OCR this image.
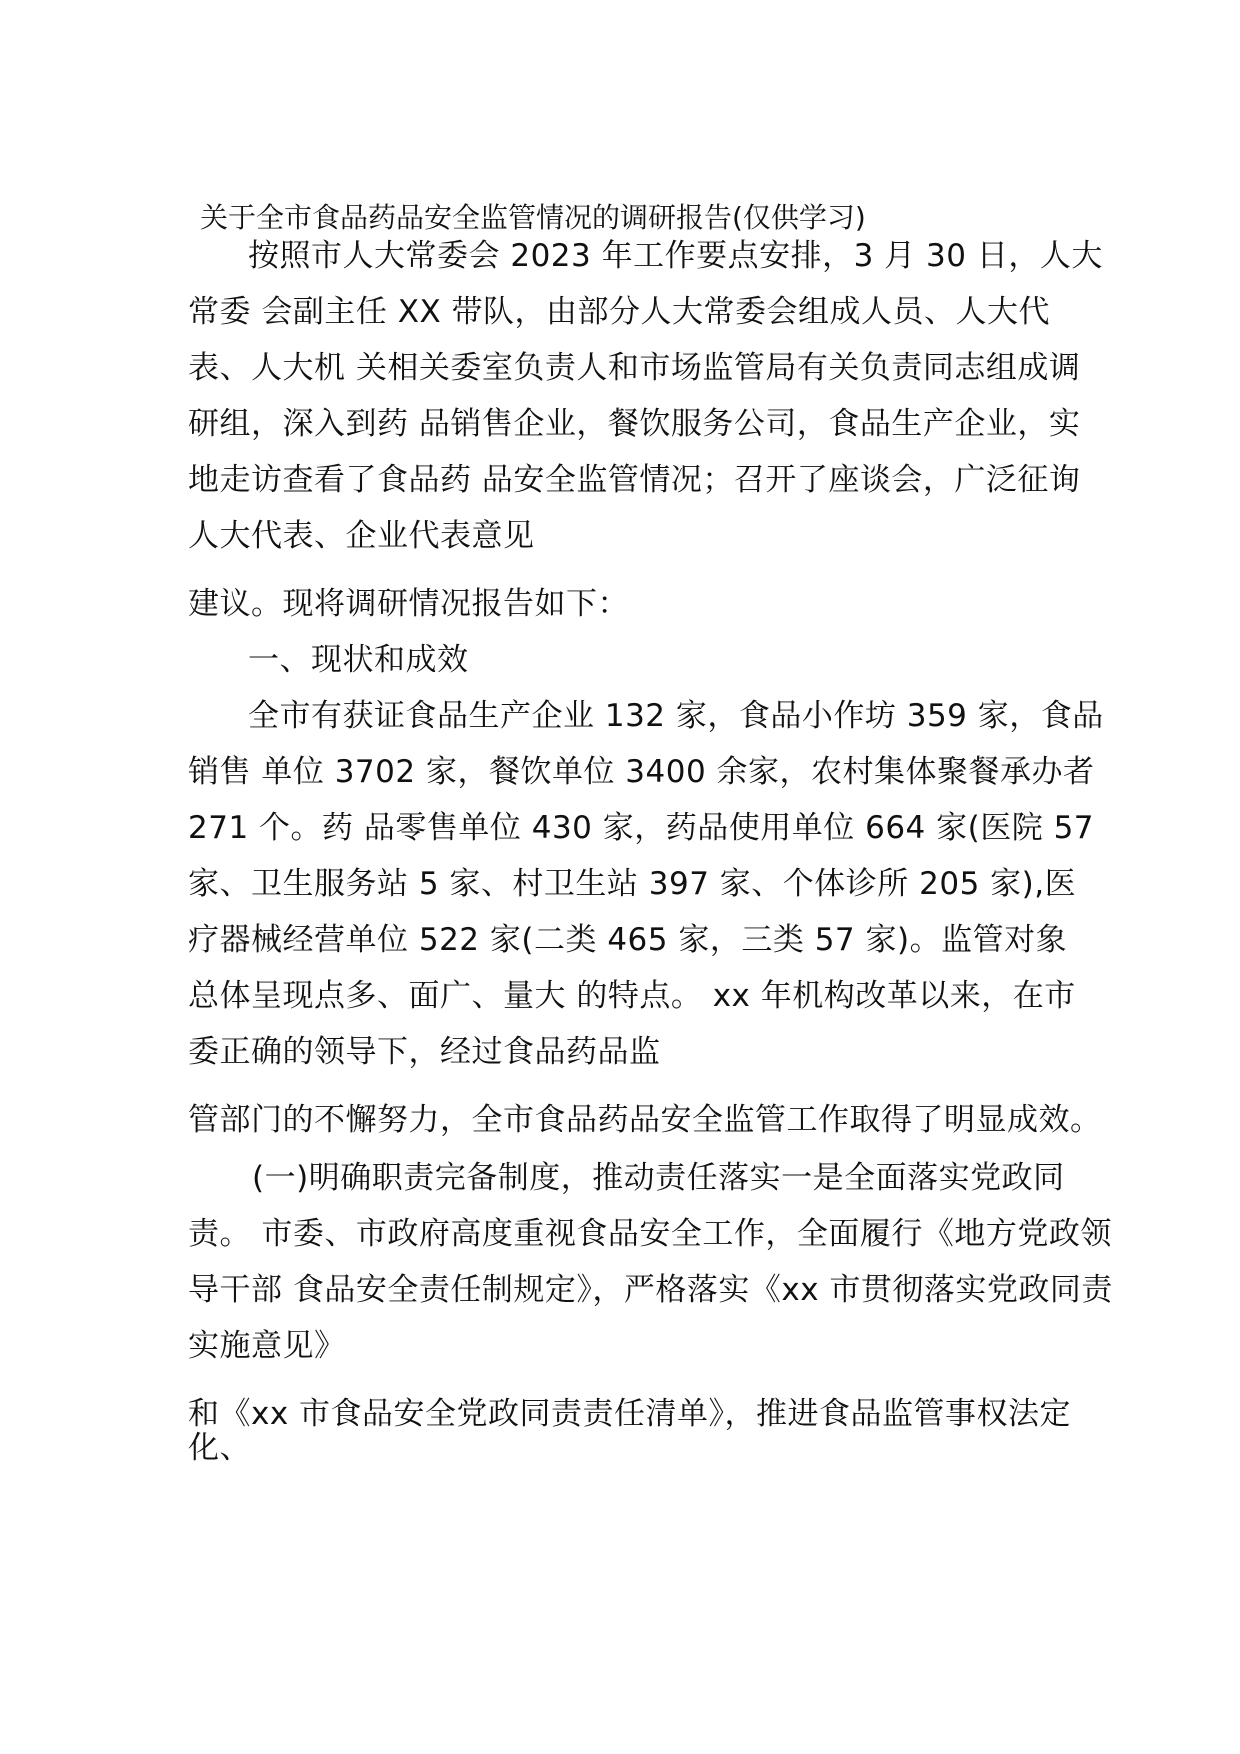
关于全市食品药品安全监管情况的调研报告(仅供学习)
按照市人大常委会 2023 年工作要点安排，3 月 30 日，人大
常委 会副主任 XX 带队，由部分人大常委会组成人员、人大代
表、人大机 关相关委室负责人和市场监管局有关负责同志组成调
研组，深入到药 品销售企业，餐饮服务公司，食品生产企业，实
地走访查看了食品药 品安全监管情况；召开了座谈会，广泛征询
人大代表、企业代表意见
建议。现将调研情况报告如下：
一、现状和成效
全市有获证食品生产企业 132 家，食品小作坊 359 家，食品
销售 单位 3702 家，餐饮单位 3400 余家，农村集体聚餐承办者
271 个。药 品零售单位 430 家，药品使用单位 664 家(医院 57
家、卫生服务站 5 家、村卫生站 397 家、个体诊所 205 家),医
疗器械经营单位 522 家(二类 465 家，三类 57 家)。监管对象
总体呈现点多、面广、量大 的特点。 xx 年机构改革以来，在市
委正确的领导下，经过食品药品监
管部门的不懈努力，全市食品药品安全监管工作取得了明显成效。
(一)明确职责完备制度，推动责任落实一是全面落实党政同
责。 市委、市政府高度重视食品安全工作，全面履行《地方党政领
导干部 食品安全责任制规定》，严格落实《xx 市贯彻落实党政同责
实施意见》
和《xx 市食品安全党政同责责任清单》，推进食品监管事权法定
化、
